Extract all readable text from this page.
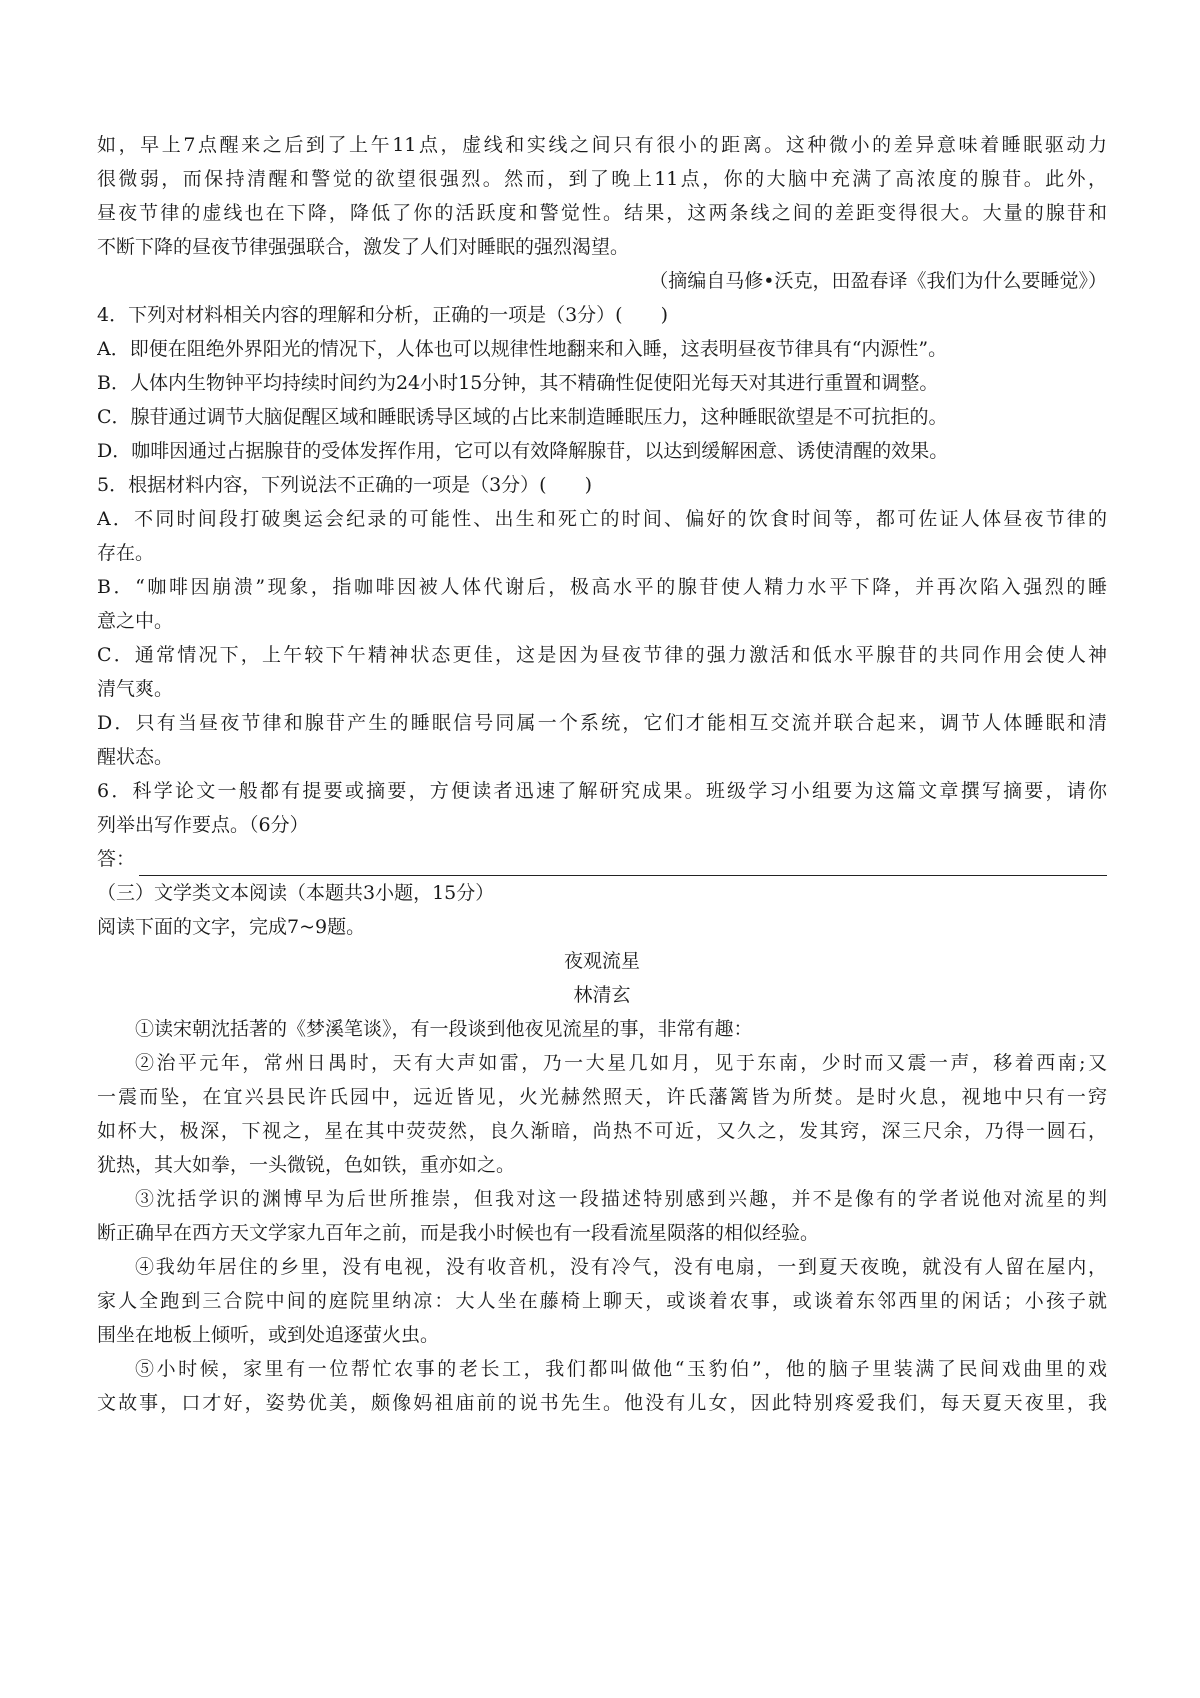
如，早上7点醒来之后到了上午11点，虚线和实线之间只有很小的距离。这种微小的差异意味着睡眠驱动力
很微弱，而保持清醒和警觉的欲望很强烈。然而，到了晚上11点，你的大脑中充满了高浓度的腺苷。此外，
昼夜节律的虚线也在下降，降低了你的活跃度和警觉性。结果，这两条线之间的差距变得很大。大量的腺苷和
不断下降的昼夜节律强强联合，激发了人们对睡眠的强烈渴望。
（摘编自马修•沃克，田盈春译《我们为什么要睡觉》）
4．下列对材料相关内容的理解和分析，正确的一项是（3分）(　　)
A．即便在阻绝外界阳光的情况下，人体也可以规律性地翻来和入睡，这表明昼夜节律具有“内源性”。
B．人体内生物钟平均持续时间约为24小时15分钟，其不精确性促使阳光每天对其进行重置和调整。
C．腺苷通过调节大脑促醒区域和睡眠诱导区域的占比来制造睡眠压力，这种睡眠欲望是不可抗拒的。
D．咖啡因通过占据腺苷的受体发挥作用，它可以有效降解腺苷，以达到缓解困意、诱使清醒的效果。
5．根据材料内容，下列说法不正确的一项是（3分）(　　)
A．不同时间段打破奥运会纪录的可能性、出生和死亡的时间、偏好的饮食时间等，都可佐证人体昼夜节律的
存在。
B．“咖啡因崩溃”现象，指咖啡因被人体代谢后，极高水平的腺苷使人精力水平下降，并再次陷入强烈的睡
意之中。
C．通常情况下，上午较下午精神状态更佳，这是因为昼夜节律的强力激活和低水平腺苷的共同作用会使人神
清气爽。
D．只有当昼夜节律和腺苷产生的睡眠信号同属一个系统，它们才能相互交流并联合起来，调节人体睡眠和清
醒状态。
6．科学论文一般都有提要或摘要，方便读者迅速了解研究成果。班级学习小组要为这篇文章撰写摘要，请你
列举出写作要点。（6分）
答：
（三）文学类文本阅读（本题共3小题，15分）
阅读下面的文字，完成7~9题。
夜观流星
林清玄
①读宋朝沈括著的《梦溪笔谈》，有一段谈到他夜见流星的事，非常有趣：
②治平元年，常州日禺时，天有大声如雷，乃一大星几如月，见于东南，少时而又震一声，移着西南;又
一震而坠，在宜兴县民许氏园中，远近皆见，火光赫然照天，许氏藩篱皆为所焚。是时火息，视地中只有一窍
如杯大，极深，下视之，星在其中荧荧然，良久渐暗，尚热不可近，又久之，发其窍，深三尺余，乃得一圆石，
犹热，其大如拳，一头微锐，色如铁，重亦如之。
③沈括学识的渊博早为后世所推崇，但我对这一段描述特别感到兴趣，并不是像有的学者说他对流星的判
断正确早在西方天文学家九百年之前，而是我小时候也有一段看流星陨落的相似经验。
④我幼年居住的乡里，没有电视，没有收音机，没有冷气，没有电扇，一到夏天夜晚，就没有人留在屋内，
家人全跑到三合院中间的庭院里纳凉：大人坐在藤椅上聊天，或谈着农事，或谈着东邻西里的闲话；小孩子就
围坐在地板上倾听，或到处追逐萤火虫。
⑤小时候，家里有一位帮忙农事的老长工，我们都叫做他“玉豹伯”，他的脑子里装满了民间戏曲里的戏
文故事，口才好，姿势优美，颇像妈祖庙前的说书先生。他没有儿女，因此特别疼爱我们，每天夏天夜里，我
